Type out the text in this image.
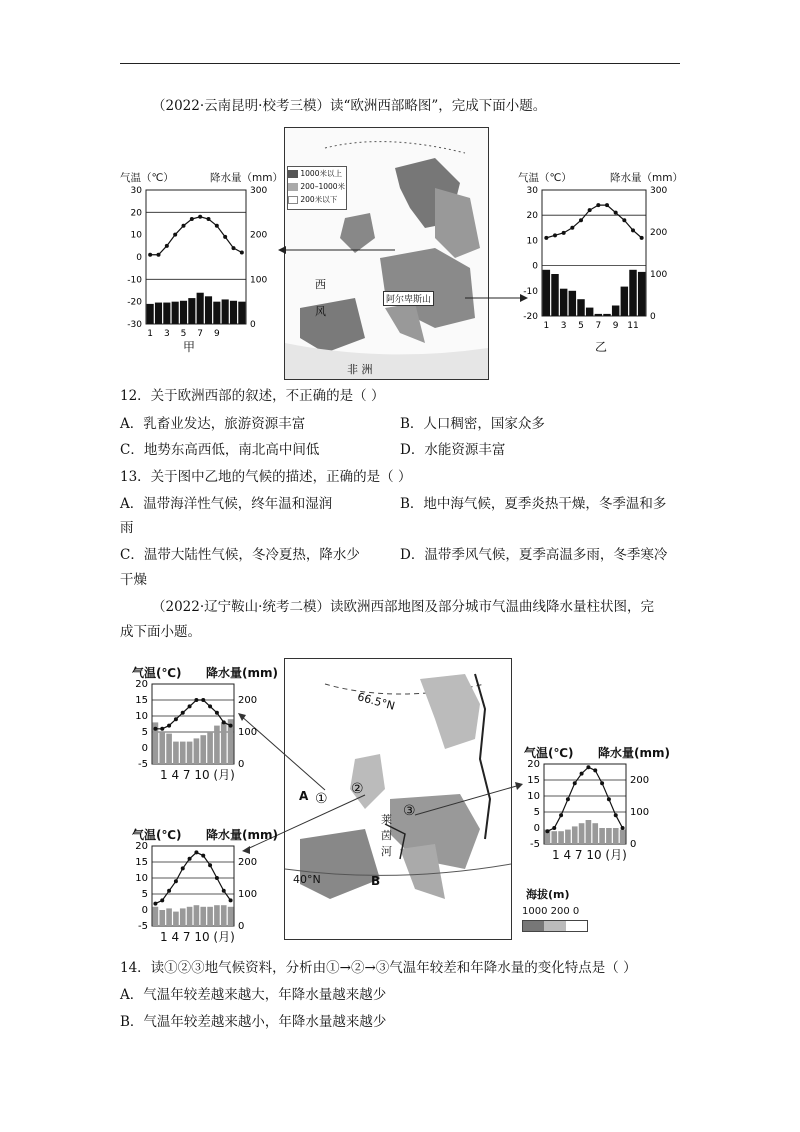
（2022·云南昆明·校考三模）读“欧洲西部略图”，完成下面小题。
气温（℃）	降水量（mm）
30
20
10
0
-10
-20
-30
300
200
100
0
1 3 5 7 9
甲
1000米以上
200–1000米
200米以下
西
风
阿尔卑斯山
非 洲
气温（℃）	降水量（mm）
30
20
10
0
-10
-20
300
200
100
0
1 3 5 7 9 11
乙
12．关于欧洲西部的叙述，不正确的是（ ）
A．乳畜业发达，旅游资源丰富	B．人口稠密，国家众多
C．地势东高西低，南北高中间低	D．水能资源丰富
13．关于图中乙地的气候的描述，正确的是（ ）
A．温带海洋性气候，终年温和湿润	B．地中海气候，夏季炎热干燥，冬季温和多
雨
C．温带大陆性气候，冬冷夏热，降水少	D．温带季风气候，夏季高温多雨，冬季寒冷
干燥
（2022·辽宁鞍山·统考二模）读欧洲西部地图及部分城市气温曲线降水量柱状图，完
成下面小题。
66.5°N
40°N
A
B
①
②
③
莱
茵
河
海拔(m)
1000 200 0
气温(℃) 降水量(mm)
20
15
10
5
0
-5
200
100
0
1 4 7 10 (月)
气温(℃) 降水量(mm)
20
15
10
5
0
-5
200
100
0
1 4 7 10 (月)
气温(℃) 降水量(mm)
20
15
10
5
0
-5
200
100
0
1 4 7 10 (月)
14．读①②③地气候资料，分析由①→②→③气温年较差和年降水量的变化特点是（ ）
A．气温年较差越来越大，年降水量越来越少
B．气温年较差越来越小，年降水量越来越少
